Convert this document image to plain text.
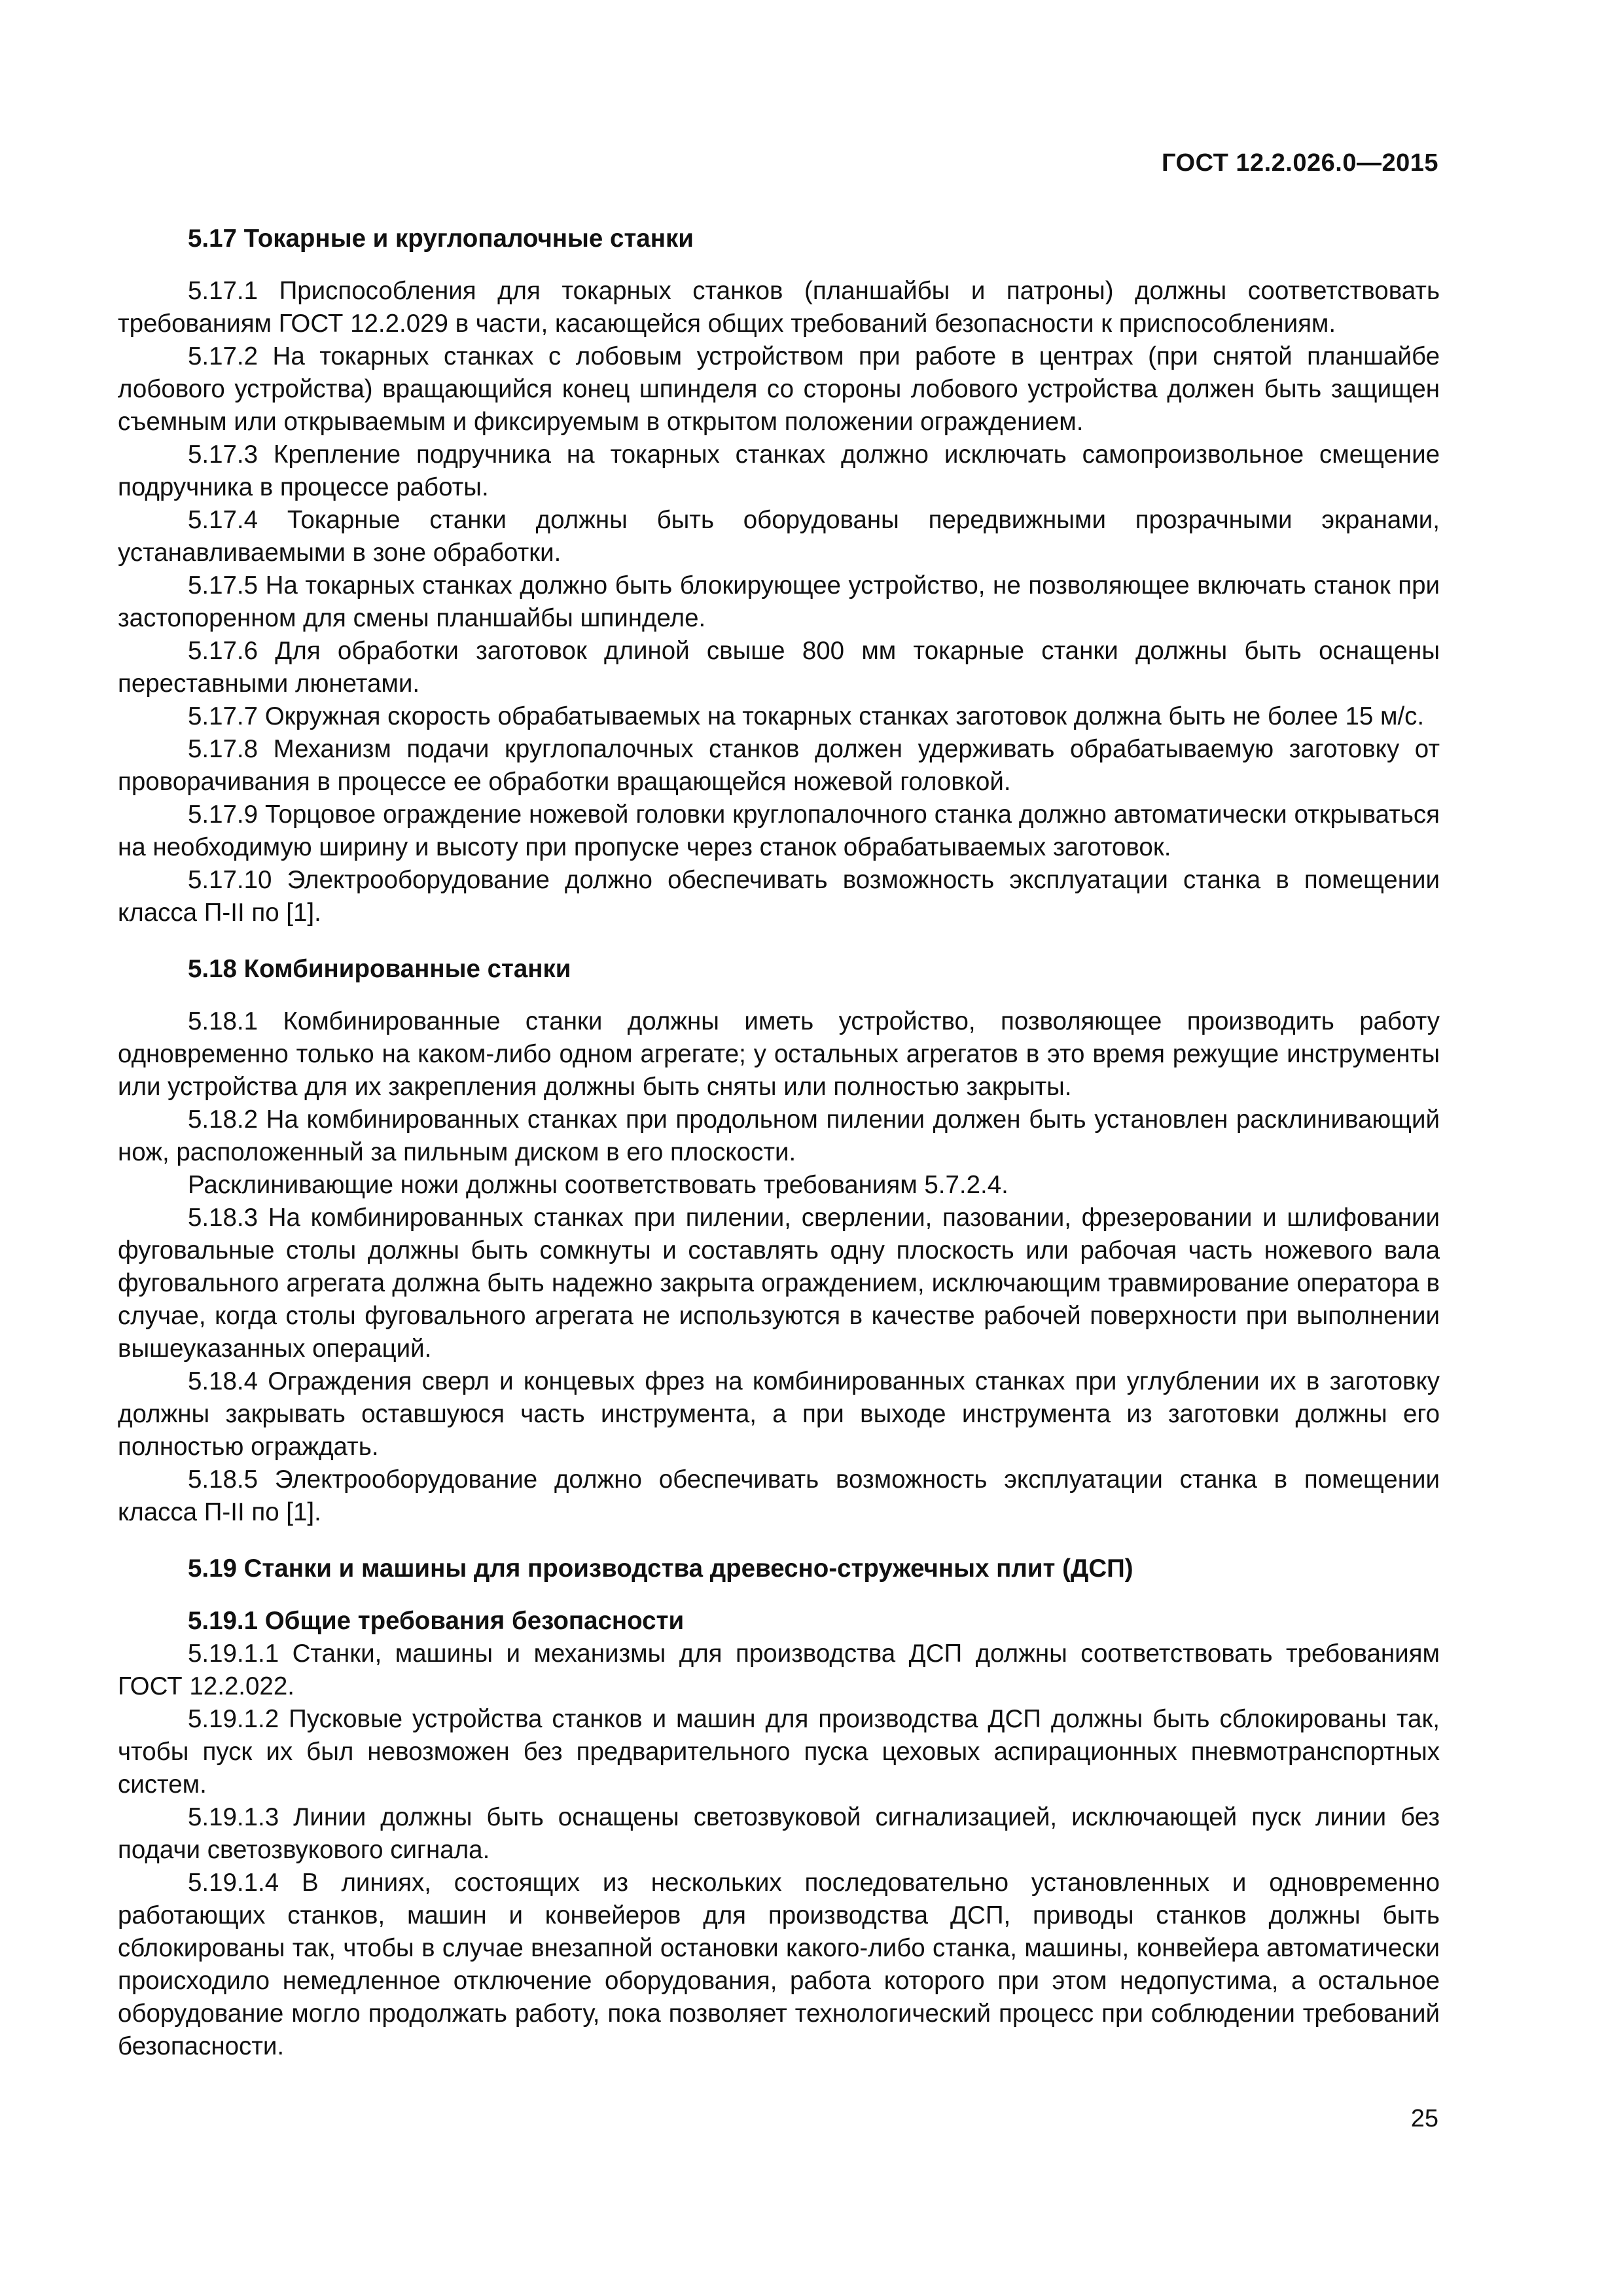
ГОСТ 12.2.026.0—2015

5.17 Токарные и круглопалочные станки

5.17.1 Приспособления для токарных станков (планшайбы и патроны) должны соответствовать требованиям ГОСТ 12.2.029 в части, касающейся общих требований безопасности к приспособлениям.

5.17.2 На токарных станках с лобовым устройством при работе в центрах (при снятой планшайбе лобового устройства) вращающийся конец шпинделя со стороны лобового устройства должен быть защищен съемным или открываемым и фиксируемым в открытом положении ограждением.

5.17.3 Крепление подручника на токарных станках должно исключать самопроизвольное смещение подручника в процессе работы.

5.17.4 Токарные станки должны быть оборудованы передвижными прозрачными экранами, устанавливаемыми в зоне обработки.

5.17.5 На токарных станках должно быть блокирующее устройство, не позволяющее включать станок при застопоренном для смены планшайбы шпинделе.

5.17.6 Для обработки заготовок длиной свыше 800 мм токарные станки должны быть оснащены переставными люнетами.

5.17.7 Окружная скорость обрабатываемых на токарных станках заготовок должна быть не более 15 м/с.

5.17.8 Механизм подачи круглопалочных станков должен удерживать обрабатываемую заготовку от проворачивания в процессе ее обработки вращающейся ножевой головкой.

5.17.9 Торцовое ограждение ножевой головки круглопалочного станка должно автоматически открываться на необходимую ширину и высоту при пропуске через станок обрабатываемых заготовок.

5.17.10 Электрооборудование должно обеспечивать возможность эксплуатации станка в помещении класса П-II по [1].

5.18 Комбинированные станки

5.18.1 Комбинированные станки должны иметь устройство, позволяющее производить работу одновременно только на каком-либо одном агрегате; у остальных агрегатов в это время режущие инструменты или устройства для их закрепления должны быть сняты или полностью закрыты.

5.18.2 На комбинированных станках при продольном пилении должен быть установлен расклинивающий нож, расположенный за пильным диском в его плоскости.

Расклинивающие ножи должны соответствовать требованиям 5.7.2.4.

5.18.3 На комбинированных станках при пилении, сверлении, пазовании, фрезеровании и шлифовании фуговальные столы должны быть сомкнуты и составлять одну плоскость или рабочая часть ножевого вала фуговального агрегата должна быть надежно закрыта ограждением, исключающим травмирование оператора в случае, когда столы фуговального агрегата не используются в качестве рабочей поверхности при выполнении вышеуказанных операций.

5.18.4 Ограждения сверл и концевых фрез на комбинированных станках при углублении их в заготовку должны закрывать оставшуюся часть инструмента, а при выходе инструмента из заготовки должны его полностью ограждать.

5.18.5 Электрооборудование должно обеспечивать возможность эксплуатации станка в помещении класса П-II по [1].

5.19 Станки и машины для производства древесно-стружечных плит (ДСП)

5.19.1 Общие требования безопасности

5.19.1.1 Станки, машины и механизмы для производства ДСП должны соответствовать требованиям ГОСТ 12.2.022.

5.19.1.2 Пусковые устройства станков и машин для производства ДСП должны быть сблокированы так, чтобы пуск их был невозможен без предварительного пуска цеховых аспирационных пневмотранспортных систем.

5.19.1.3 Линии должны быть оснащены светозвуковой сигнализацией, исключающей пуск линии без подачи светозвукового сигнала.

5.19.1.4 В линиях, состоящих из нескольких последовательно установленных и одновременно работающих станков, машин и конвейеров для производства ДСП, приводы станков должны быть сблокированы так, чтобы в случае внезапной остановки какого-либо станка, машины, конвейера автоматически происходило немедленное отключение оборудования, работа которого при этом недопустима, а остальное оборудование могло продолжать работу, пока позволяет технологический процесс при соблюдении требований безопасности.

25
